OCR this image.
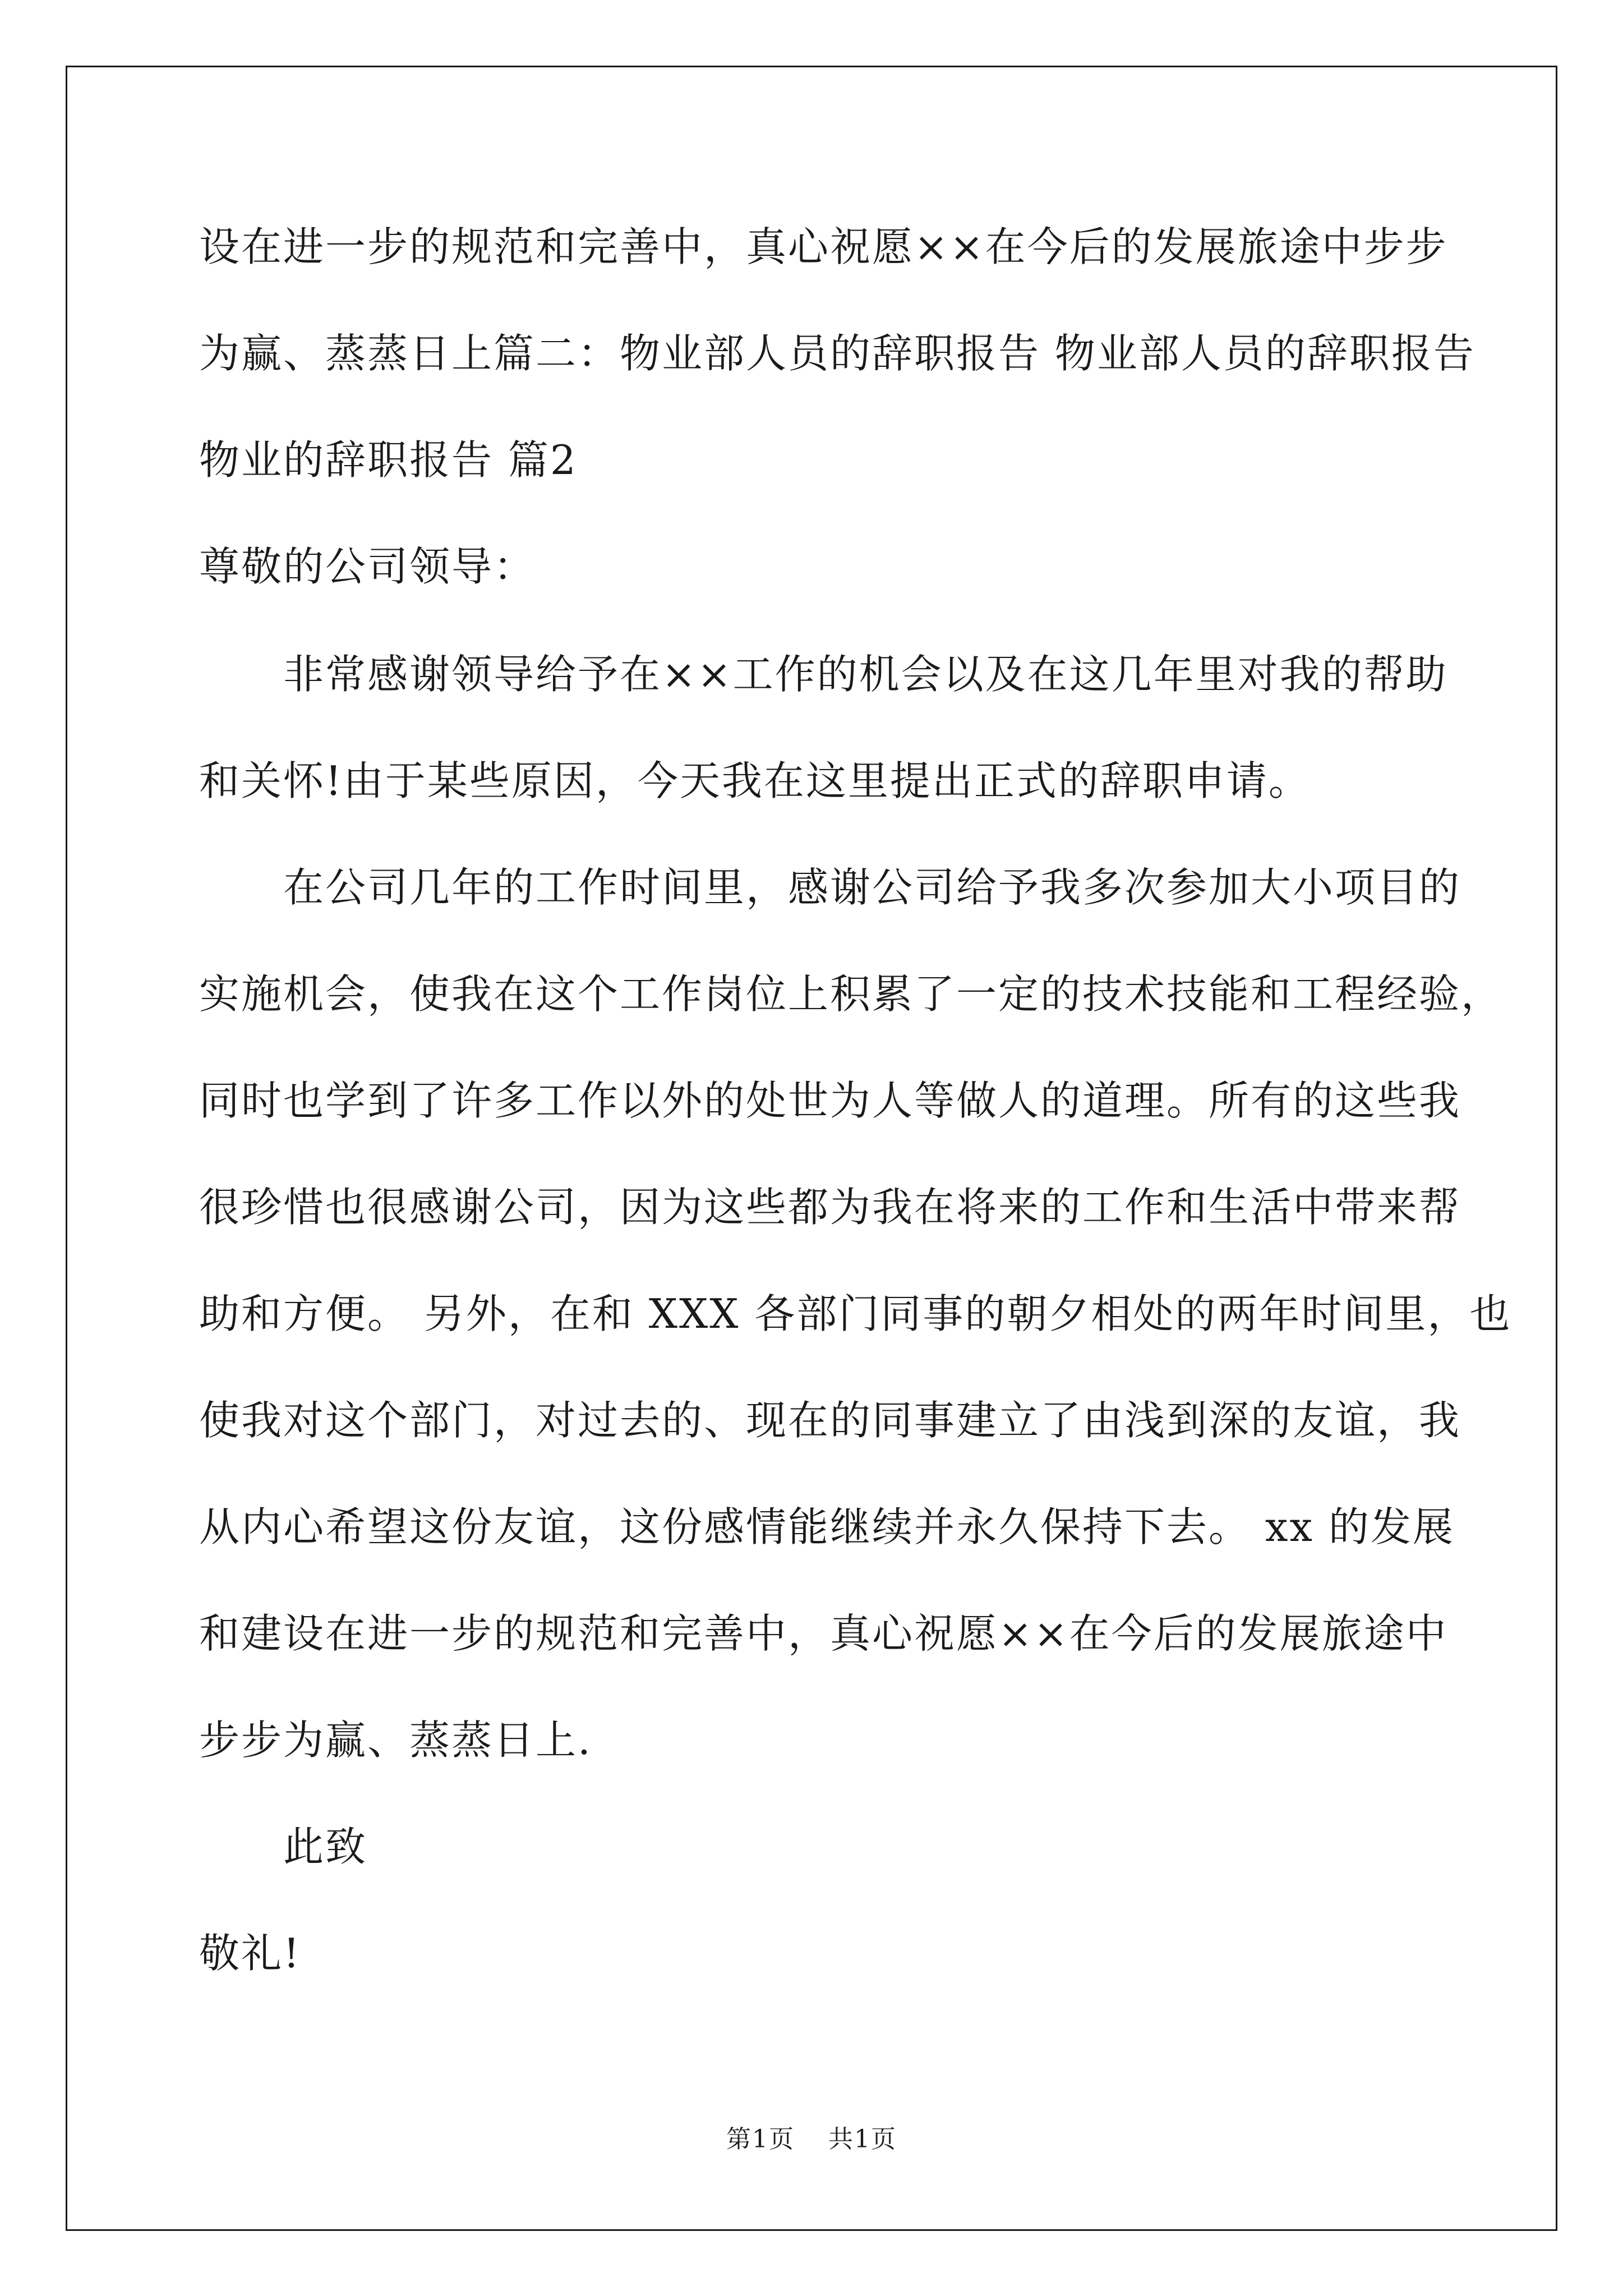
设在进一步的规范和完善中，真心祝愿××在今后的发展旅途中步步
为赢、蒸蒸日上篇二：物业部人员的辞职报告 物业部人员的辞职报告
物业的辞职报告 篇2
尊敬的公司领导：
非常感谢领导给予在××工作的机会以及在这几年里对我的帮助
和关怀!由于某些原因，今天我在这里提出正式的辞职申请。
在公司几年的工作时间里，感谢公司给予我多次参加大小项目的
实施机会，使我在这个工作岗位上积累了一定的技术技能和工程经验，
同时也学到了许多工作以外的处世为人等做人的道理。所有的这些我
很珍惜也很感谢公司，因为这些都为我在将来的工作和生活中带来帮
助和方便。 另外，在和 XXX 各部门同事的朝夕相处的两年时间里，也
使我对这个部门，对过去的、现在的同事建立了由浅到深的友谊，我
从内心希望这份友谊，这份感情能继续并永久保持下去。 xx 的发展
和建设在进一步的规范和完善中，真心祝愿××在今后的发展旅途中
步步为赢、蒸蒸日上.
此致
敬礼!
第1页 共1页
